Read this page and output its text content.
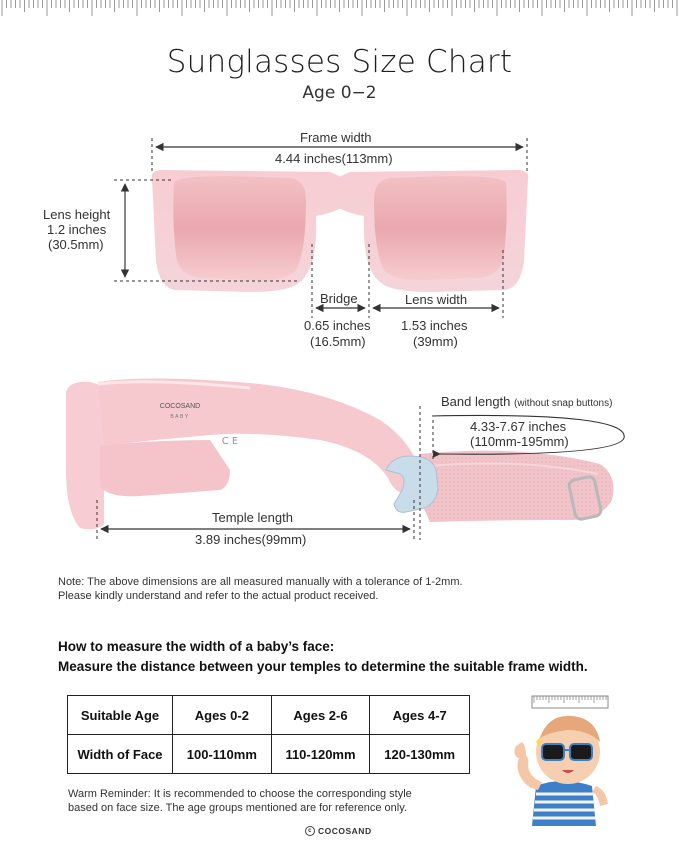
Sunglasses Size Chart
Age 0−2
COCOSAND
BABY
C E
Frame width
4.44 inches(113mm)
Lens height
1.2 inches
(30.5mm)
Bridge
0.65 inches
(16.5mm)
Lens width
1.53 inches
(39mm)
Band length (without snap buttons)
4.33-7.67 inches
(110mm-195mm)
Temple length
3.89 inches(99mm)
Note: The above dimensions are all measured manually with a tolerance of 1-2mm.
Please kindly understand and refer to the actual product received.
How to measure the width of a baby’s face:
Measure the distance between your temples to determine the suitable frame width.
Suitable Age	Ages 0-2	Ages 2-6	Ages 4-7
Width of Face	100-110mm	110-120mm	120-130mm
Warm Reminder: It is recommended to choose the corresponding style
based on face size. The age groups mentioned are for reference only.
c COCOSAND
